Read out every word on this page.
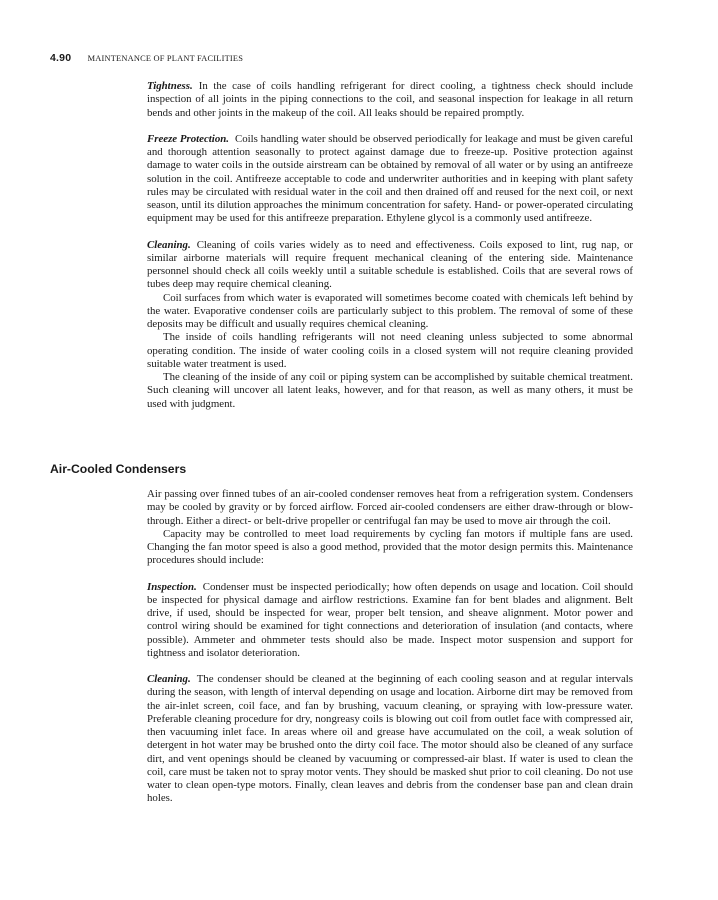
4.90 MAINTENANCE OF PLANT FACILITIES

Tightness. In the case of coils handling refrigerant for direct cooling, a tightness check should include inspection of all joints in the piping connections to the coil, and seasonal inspection for leakage in all return bends and other joints in the makeup of the coil. All leaks should be repaired promptly.

Freeze Protection. Coils handling water should be observed periodically for leakage and must be given careful and thorough attention seasonally to protect against damage due to freeze-up. Positive protection against damage to water coils in the outside airstream can be obtained by removal of all water or by using an antifreeze solution in the coil. Antifreeze acceptable to code and underwriter authorities and in keeping with plant safety rules may be circulated with residual water in the coil and then drained off and reused for the next coil, or next season, until its dilution approaches the minimum concentration for safety. Hand- or power-operated circulating equipment may be used for this antifreeze preparation. Ethylene glycol is a commonly used antifreeze.

Cleaning. Cleaning of coils varies widely as to need and effectiveness. Coils exposed to lint, rug nap, or similar airborne materials will require frequent mechanical cleaning of the entering side. Maintenance personnel should check all coils weekly until a suitable schedule is established. Coils that are several rows of tubes deep may require chemical cleaning.

Coil surfaces from which water is evaporated will sometimes become coated with chemicals left behind by the water. Evaporative condenser coils are particularly subject to this problem. The removal of some of these deposits may be difficult and usually requires chemical cleaning.

The inside of coils handling refrigerants will not need cleaning unless subjected to some abnormal operating condition. The inside of water cooling coils in a closed system will not require cleaning provided suitable water treatment is used.

The cleaning of the inside of any coil or piping system can be accomplished by suitable chemical treatment. Such cleaning will uncover all latent leaks, however, and for that reason, as well as many others, it must be used with judgment.

Air-Cooled Condensers

Air passing over finned tubes of an air-cooled condenser removes heat from a refrigeration system. Condensers may be cooled by gravity or by forced airflow. Forced air-cooled condensers are either draw-through or blow-through. Either a direct- or belt-drive propeller or centrifugal fan may be used to move air through the coil.

Capacity may be controlled to meet load requirements by cycling fan motors if multiple fans are used. Changing the fan motor speed is also a good method, provided that the motor design permits this. Maintenance procedures should include:

Inspection. Condenser must be inspected periodically; how often depends on usage and location. Coil should be inspected for physical damage and airflow restrictions. Examine fan for bent blades and alignment. Belt drive, if used, should be inspected for wear, proper belt tension, and sheave alignment. Motor power and control wiring should be examined for tight connections and deterioration of insulation (and contacts, where possible). Ammeter and ohmmeter tests should also be made. Inspect motor suspension and support for tightness and isolator deterioration.

Cleaning. The condenser should be cleaned at the beginning of each cooling season and at regular intervals during the season, with length of interval depending on usage and location. Airborne dirt may be removed from the air-inlet screen, coil face, and fan by brushing, vacuum cleaning, or spraying with low-pressure water. Preferable cleaning procedure for dry, nongreasy coils is blowing out coil from outlet face with compressed air, then vacuuming inlet face. In areas where oil and grease have accumulated on the coil, a weak solution of detergent in hot water may be brushed onto the dirty coil face. The motor should also be cleaned of any surface dirt, and vent openings should be cleaned by vacuuming or compressed-air blast. If water is used to clean the coil, care must be taken not to spray motor vents. They should be masked shut prior to coil cleaning. Do not use water to clean open-type motors. Finally, clean leaves and debris from the condenser base pan and clean drain holes.
